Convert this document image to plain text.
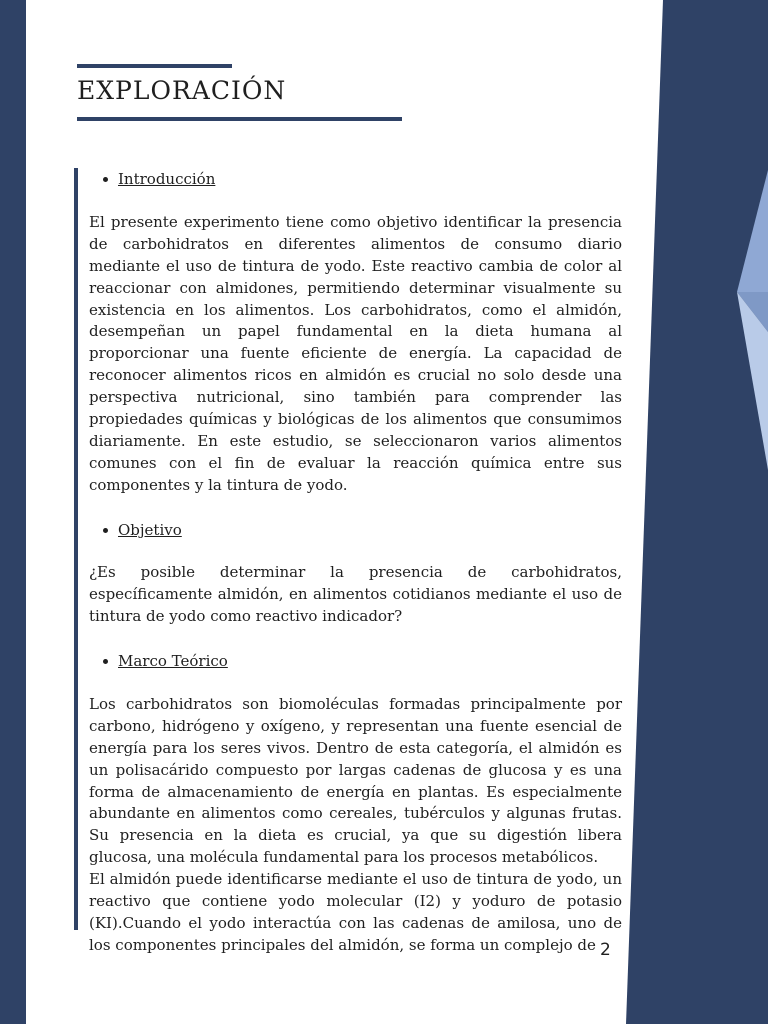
EXPLORACIÓN
Introducción

El presente experimento tiene como objetivo identificar la presencia de carbohidratos en diferentes alimentos de consumo diario mediante el uso de tintura de yodo. Este reactivo cambia de color al reaccionar con almidones, permitiendo determinar visualmente su existencia en los alimentos. Los carbohidratos, como el almidón, desempeñan un papel fundamental en la dieta humana al proporcionar una fuente eficiente de energía. La capacidad de reconocer alimentos ricos en almidón es crucial no solo desde una perspectiva nutricional, sino también para comprender las propiedades químicas y biológicas de los alimentos que consumimos diariamente. En este estudio, se seleccionaron varios alimentos comunes con el fin de evaluar la reacción química entre sus componentes y la tintura de yodo.

Objetivo

¿Es posible determinar la presencia de carbohidratos, específicamente almidón, en alimentos cotidianos mediante el uso de tintura de yodo como reactivo indicador?

Marco Teórico

Los carbohidratos son biomoléculas formadas principalmente por carbono, hidrógeno y oxígeno, y representan una fuente esencial de energía para los seres vivos. Dentro de esta categoría, el almidón es un polisacárido compuesto por largas cadenas de glucosa y es una forma de almacenamiento de energía en plantas. Es especialmente abundante en alimentos como cereales, tubérculos y algunas frutas. Su presencia en la dieta es crucial, ya que su digestión libera glucosa, una molécula fundamental para los procesos metabólicos.

El almidón puede identificarse mediante el uso de tintura de yodo, un reactivo que contiene yodo molecular (I2) y yoduro de potasio (KI).Cuando el yodo interactúa con las cadenas de amilosa, uno de los componentes principales del almidón, se forma un complejo de 2
